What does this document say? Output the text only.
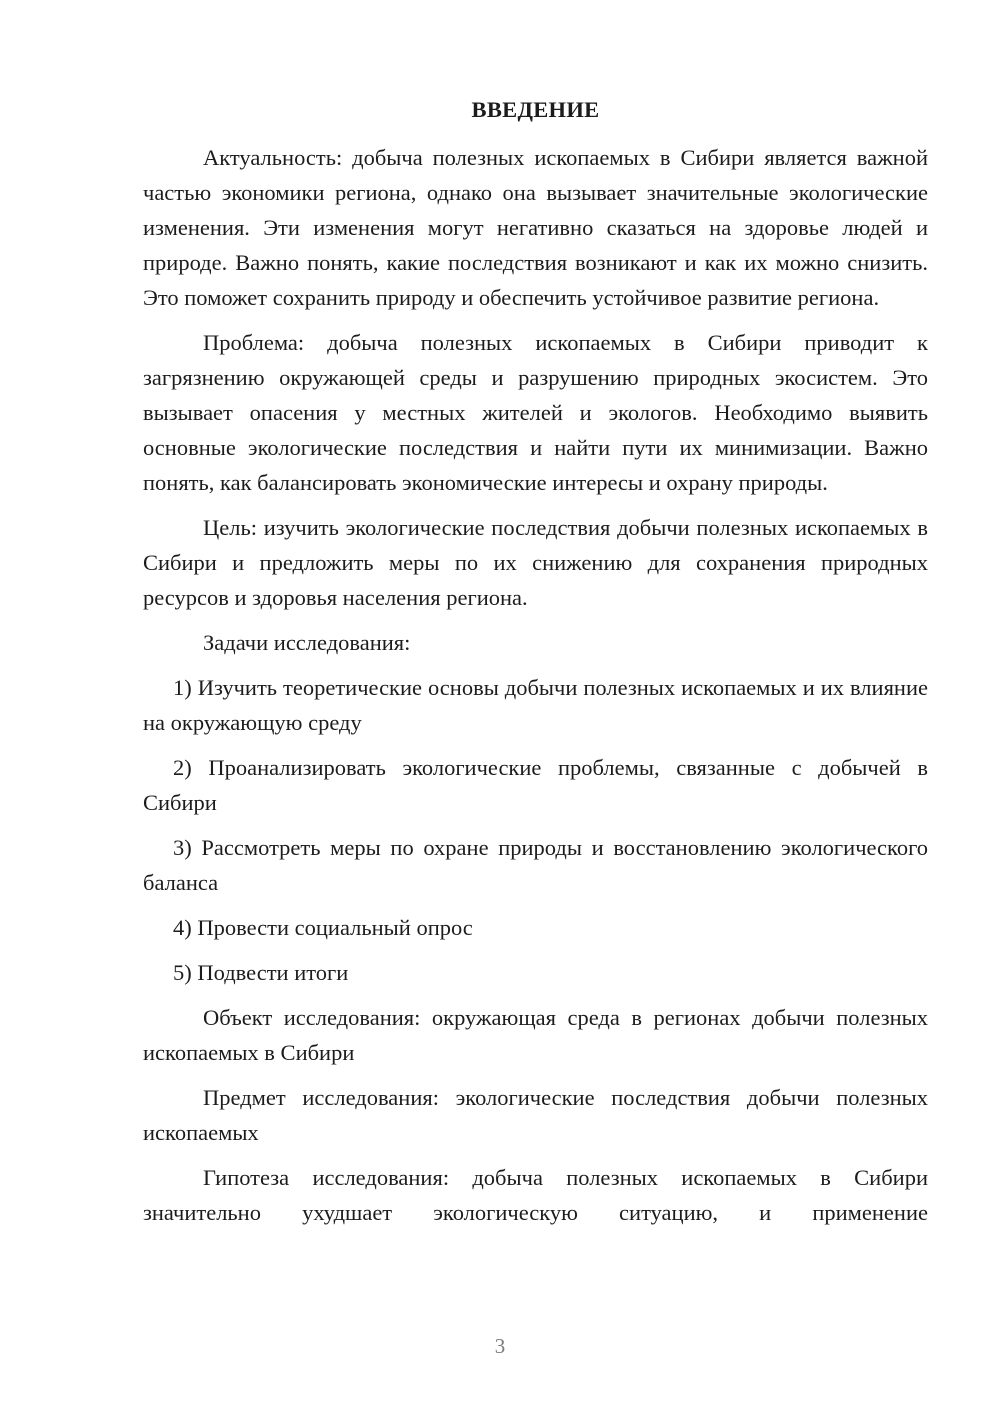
ВВЕДЕНИЕ

Актуальность: добыча полезных ископаемых в Сибири является важной частью экономики региона, однако она вызывает значительные экологические изменения. Эти изменения могут негативно сказаться на здоровье людей и природе. Важно понять, какие последствия возникают и как их можно снизить. Это поможет сохранить природу и обеспечить устойчивое развитие региона.

Проблема: добыча полезных ископаемых в Сибири приводит к загрязнению окружающей среды и разрушению природных экосистем. Это вызывает опасения у местных жителей и экологов. Необходимо выявить основные экологические последствия и найти пути их минимизации. Важно понять, как балансировать экономические интересы и охрану природы.

Цель: изучить экологические последствия добычи полезных ископаемых в Сибири и предложить меры по их снижению для сохранения природных ресурсов и здоровья населения региона.

Задачи исследования:

1) Изучить теоретические основы добычи полезных ископаемых и их влияние на окружающую среду

2) Проанализировать экологические проблемы, связанные с добычей в Сибири

3) Рассмотреть меры по охране природы и восстановлению экологического баланса

4) Провести социальный опрос

5) Подвести итоги

Объект исследования: окружающая среда в регионах добычи полезных ископаемых в Сибири

Предмет исследования: экологические последствия добычи полезных ископаемых

Гипотеза исследования: добыча полезных ископаемых в Сибири значительно ухудшает экологическую ситуацию, и применение

3
